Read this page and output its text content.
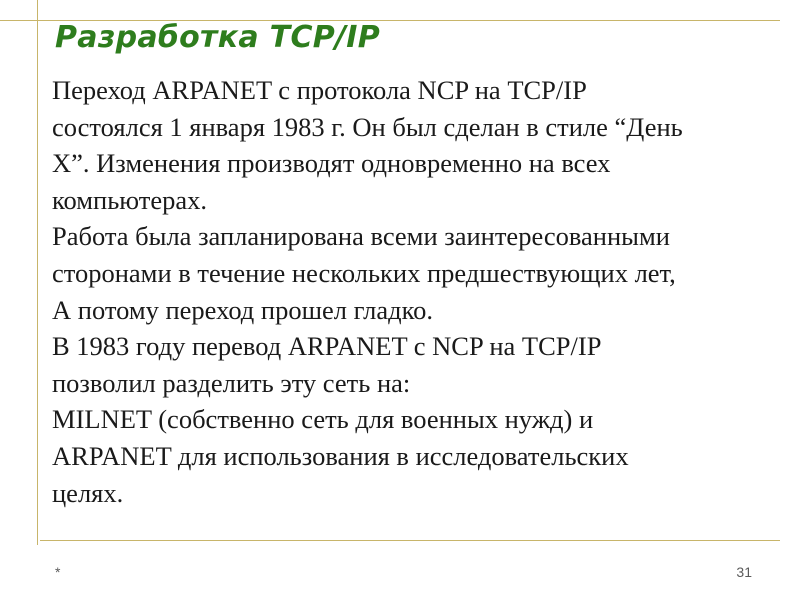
Разработка TCP/IP
Переход ARPANET с протокола NCP на TCP/IP
состоялся 1 января 1983 г. Он был сделан в стиле “День
X”. Изменения производят одновременно на всех
компьютерах.
Работа была запланирована всеми заинтересованными
сторонами в течение нескольких предшествующих лет,
А потому переход прошел гладко.
В 1983 году перевод ARPANET с NCP на TCP/IP
позволил разделить эту сеть на:
MILNET (собственно сеть для военных нужд) и
ARPANET для использования в исследовательских
целях.
*	31
